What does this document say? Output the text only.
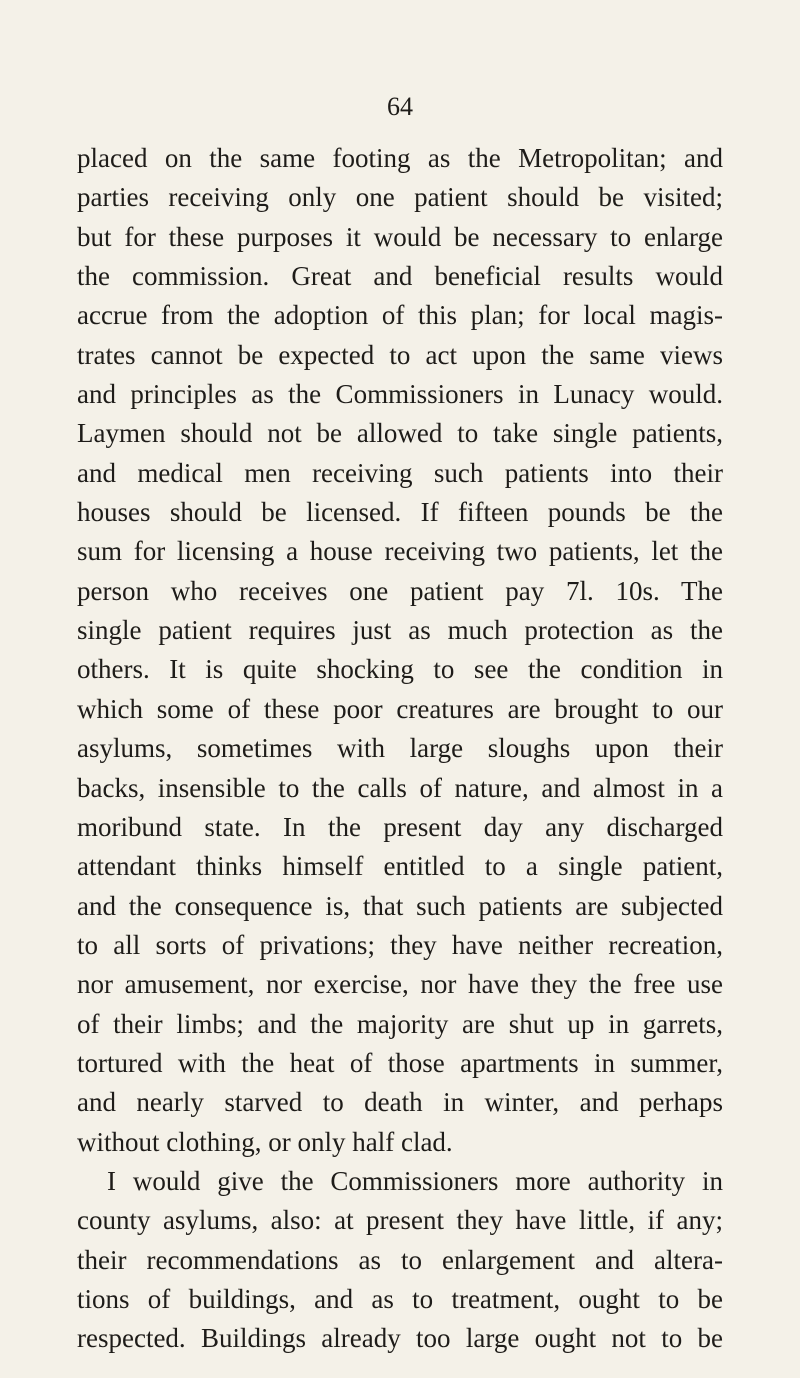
64
placed on the same footing as the Metropolitan; and
parties receiving only one patient should be visited;
but for these purposes it would be necessary to enlarge
the commission. Great and beneficial results would
accrue from the adoption of this plan; for local magis-
trates cannot be expected to act upon the same views
and principles as the Commissioners in Lunacy would.
Laymen should not be allowed to take single patients,
and medical men receiving such patients into their
houses should be licensed. If fifteen pounds be the
sum for licensing a house receiving two patients, let the
person who receives one patient pay 7l. 10s. The
single patient requires just as much protection as the
others. It is quite shocking to see the condition in
which some of these poor creatures are brought to our
asylums, sometimes with large sloughs upon their
backs, insensible to the calls of nature, and almost in a
moribund state. In the present day any discharged
attendant thinks himself entitled to a single patient,
and the consequence is, that such patients are subjected
to all sorts of privations; they have neither recreation,
nor amusement, nor exercise, nor have they the free use
of their limbs; and the majority are shut up in garrets,
tortured with the heat of those apartments in summer,
and nearly starved to death in winter, and perhaps
without clothing, or only half clad.
I would give the Commissioners more authority in
county asylums, also: at present they have little, if any;
their recommendations as to enlargement and altera-
tions of buildings, and as to treatment, ought to be
respected. Buildings already too large ought not to be
